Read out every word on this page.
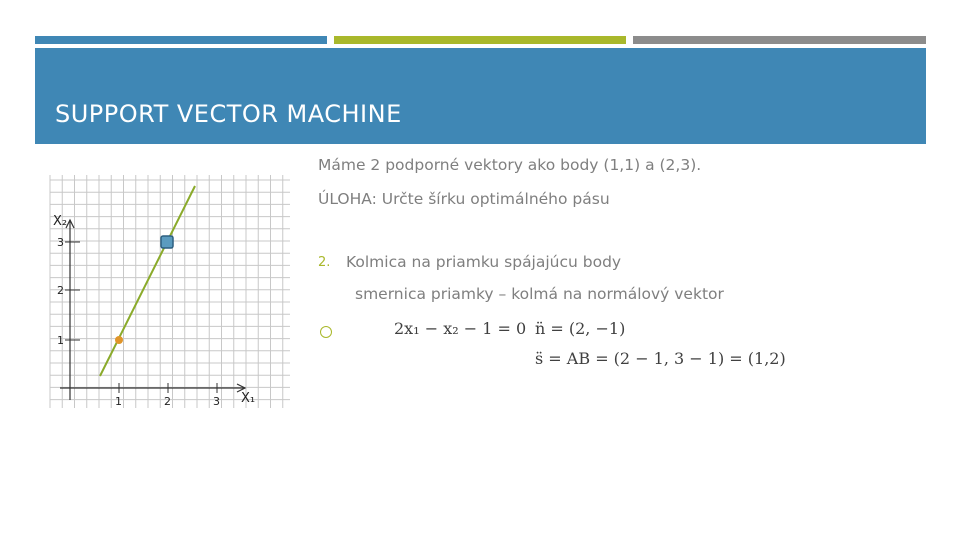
SUPPORT VECTOR MACHINE
X₂
X₁
1	2	3
1
2
3
Máme 2 podporné vektory ako body (1,1) a (2,3).
ÚLOHA: Určte šírku optimálného pásu
2. Kolmica na priamku spájajúcu body
smernica priamky – kolmá na normálový vektor
2x₁ − x₂ − 1 = 0 n̈ = (2, −1)
s̈ = AB = (2 − 1, 3 − 1) = (1,2)
